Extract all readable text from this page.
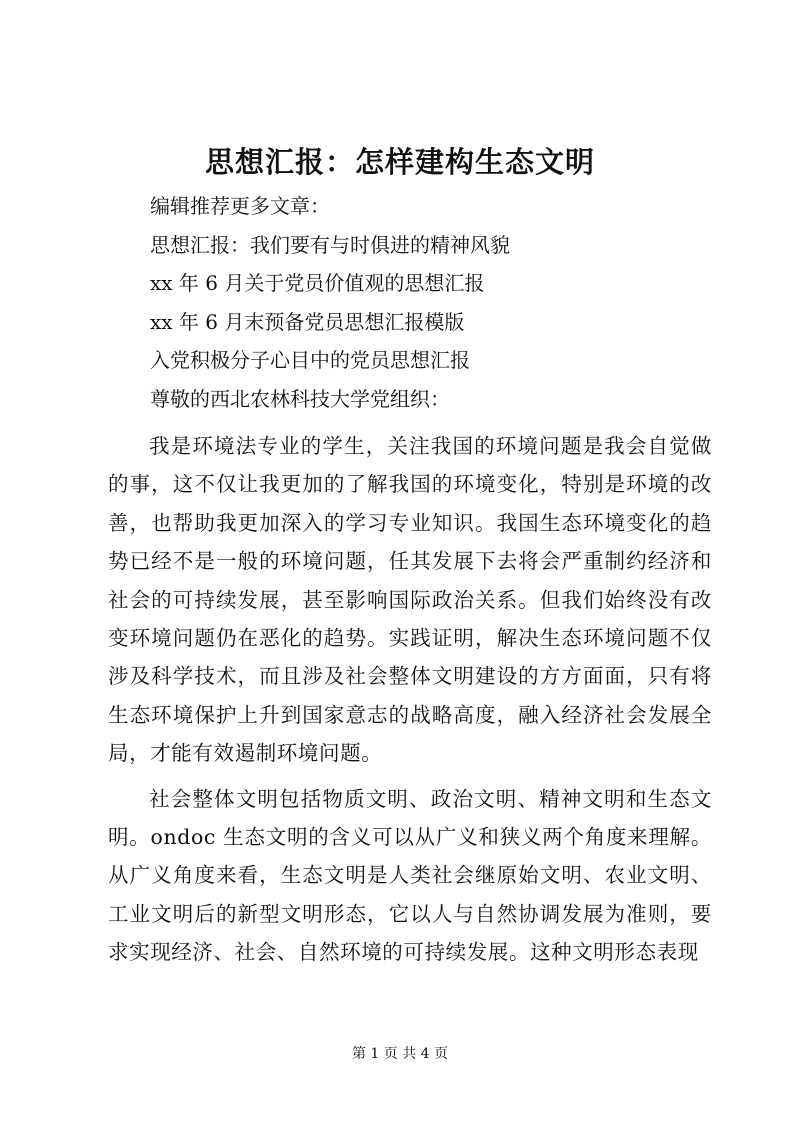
思想汇报：怎样建构生态文明

编辑推荐更多文章：

思想汇报：我们要有与时俱进的精神风貌

xx 年 6 月关于党员价值观的思想汇报

xx 年 6 月末预备党员思想汇报模版

入党积极分子心目中的党员思想汇报

尊敬的西北农林科技大学党组织：

我是环境法专业的学生，关注我国的环境问题是我会自觉做的事，这不仅让我更加的了解我国的环境变化，特别是环境的改善，也帮助我更加深入的学习专业知识。我国生态环境变化的趋势已经不是一般的环境问题，任其发展下去将会严重制约经济和社会的可持续发展，甚至影响国际政治关系。但我们始终没有改变环境问题仍在恶化的趋势。实践证明，解决生态环境问题不仅涉及科学技术，而且涉及社会整体文明建设的方方面面，只有将生态环境保护上升到国家意志的战略高度，融入经济社会发展全局，才能有效遏制环境问题。

社会整体文明包括物质文明、政治文明、精神文明和生态文明。ondoc 生态文明的含义可以从广义和狭义两个角度来理解。从广义角度来看，生态文明是人类社会继原始文明、农业文明、工业文明后的新型文明形态，它以人与自然协调发展为准则，要求实现经济、社会、自然环境的可持续发展。这种文明形态表现

第 1 页 共 4 页
